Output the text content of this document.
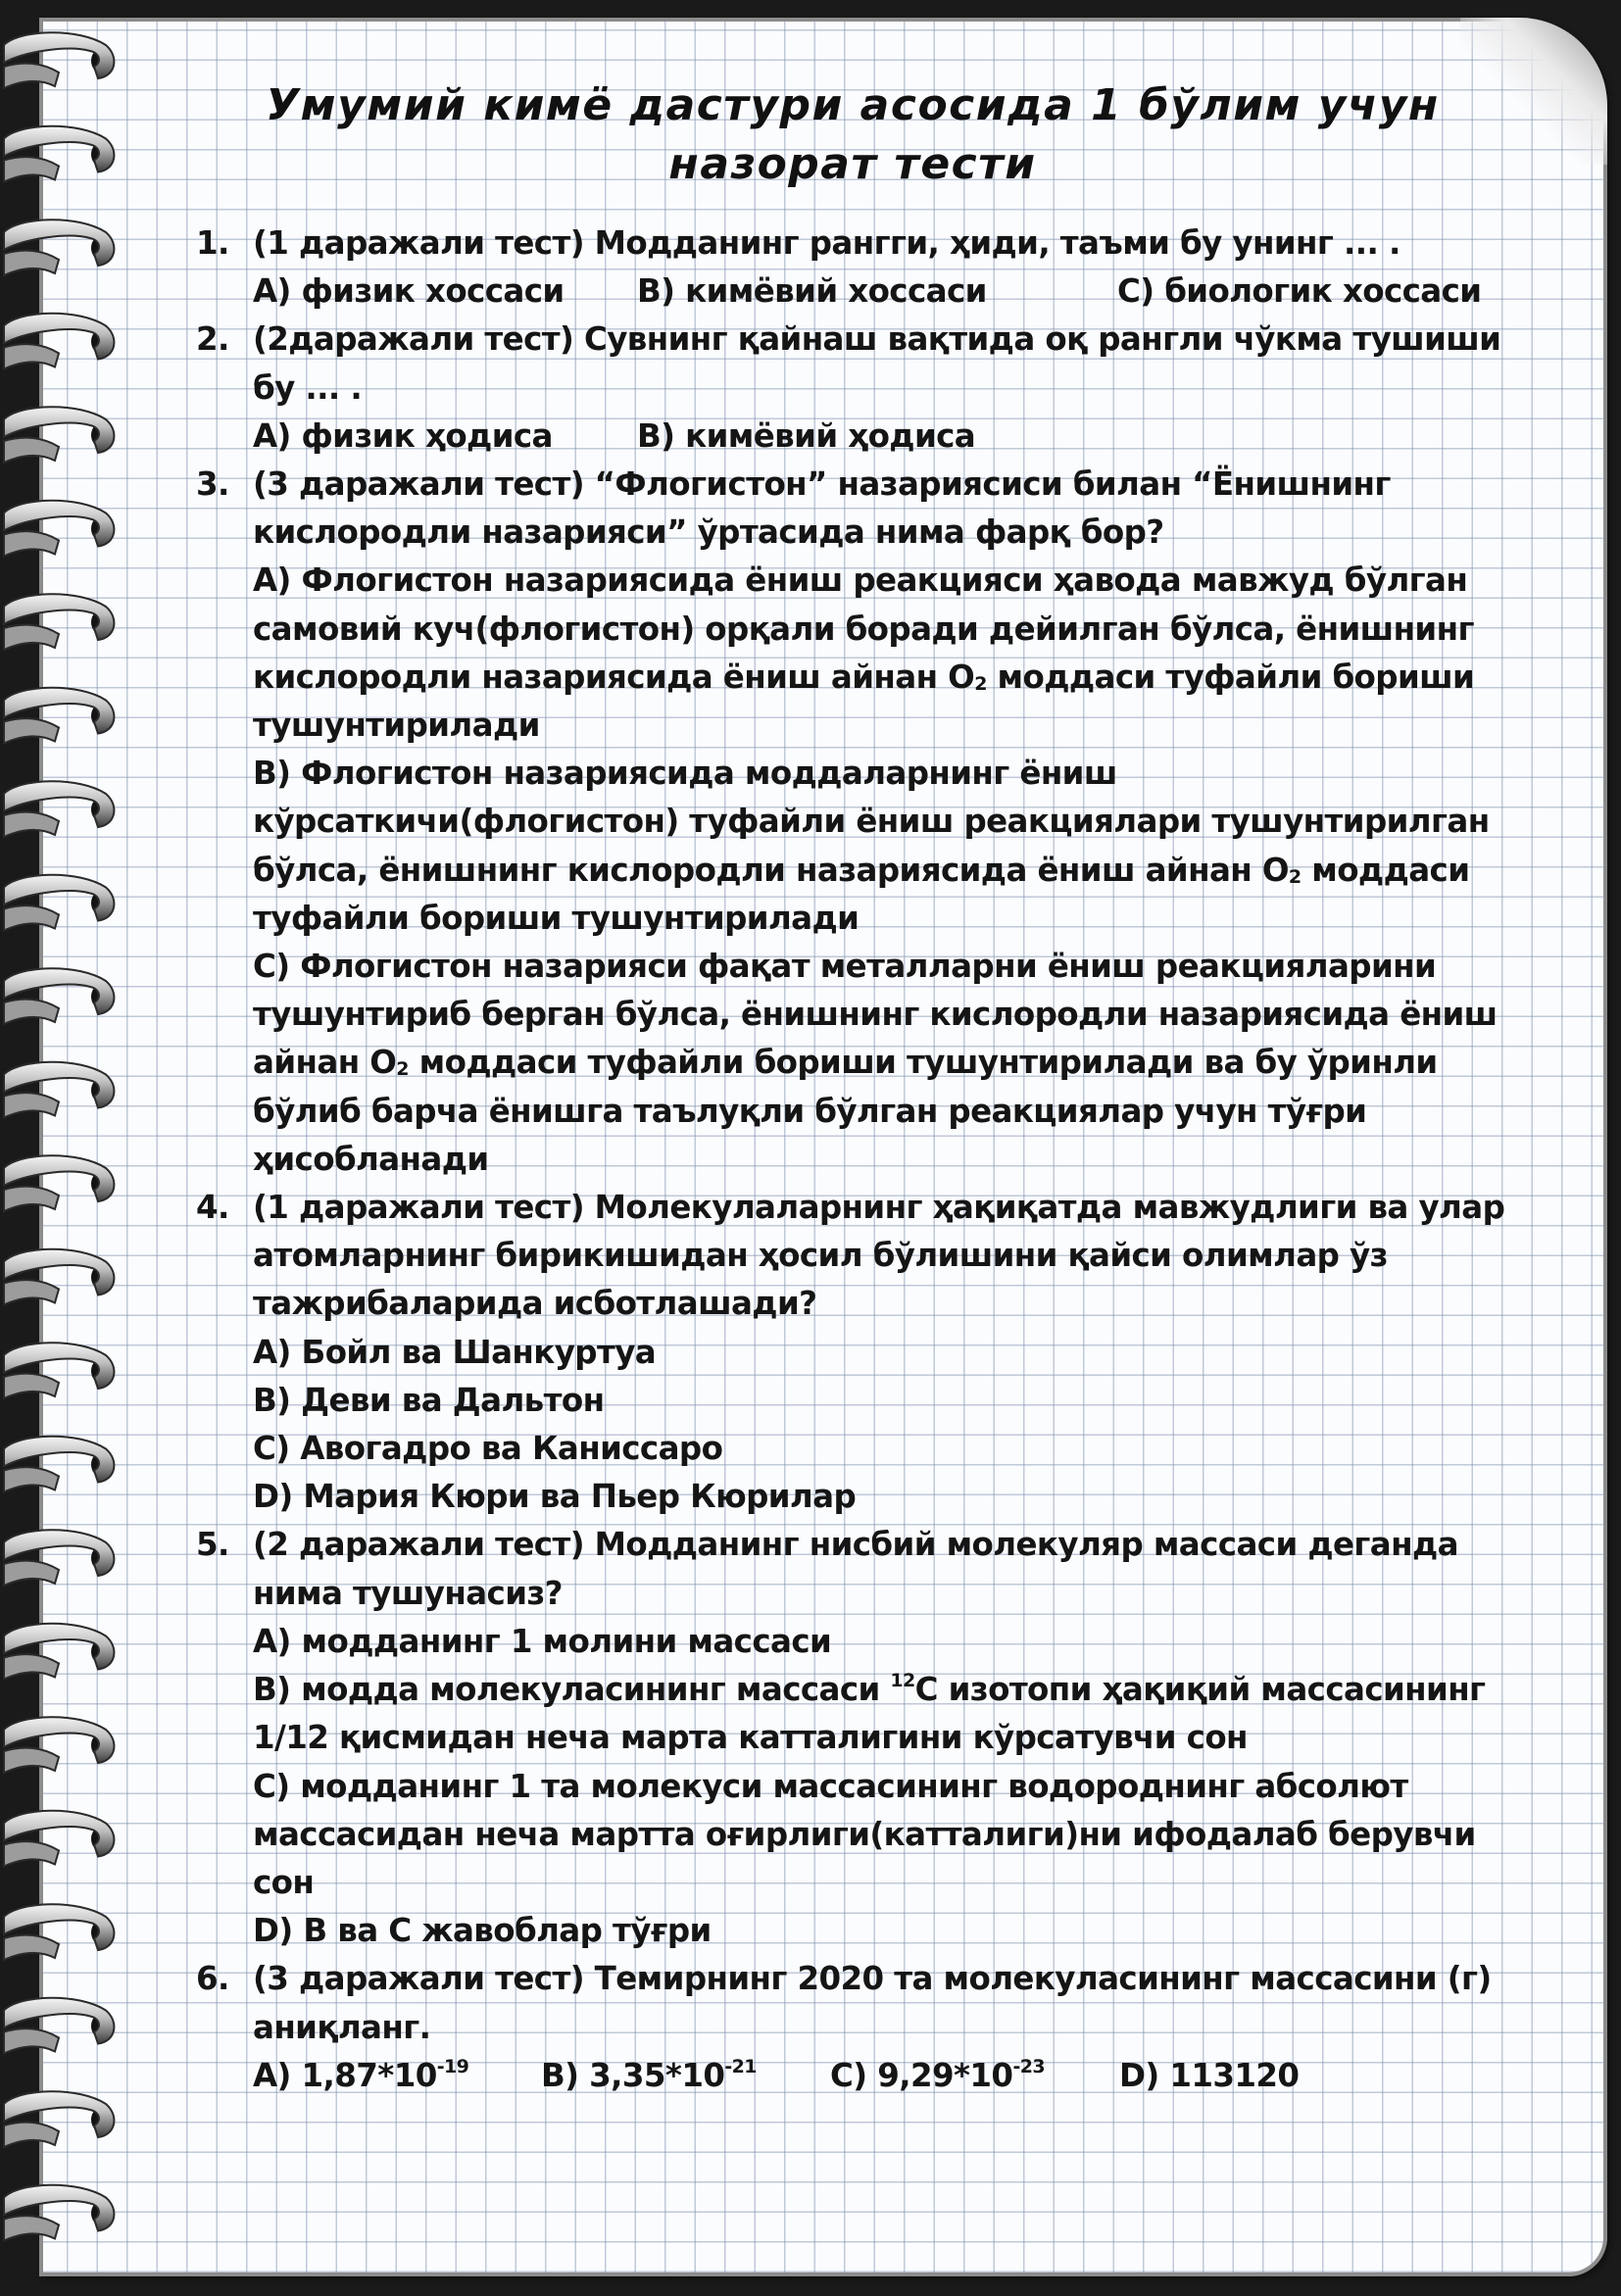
Умумий кимё дастури асосида 1 бўлим учун
назорат тести
1. (1 даражали тест) Модданинг рангги, ҳиди, таъми бу унинг ... .
A) физик хоссаси	B) кимёвий хоссаси	C) биологик хоссаси
2. (2даражали тест) Сувнинг қайнаш вақтида оқ рангли чўкма тушиши
бу ... .
A) физик ҳодиса	B) кимёвий ҳодиса
3. (3 даражали тест) “Флогистон” назариясиси билан “Ёнишнинг
кислородли назарияси” ўртасида нима фарқ бор?
A) Флогистон назариясида ёниш реакцияси ҳавода мавжуд бўлган
самовий куч(флогистон) орқали боради дейилган бўлса, ёнишнинг
кислородли назариясида ёниш айнан $O_2$ моддаси туфайли бориши
тушунтирилади
B) Флогистон назариясида моддаларнинг ёниш
кўрсаткичи(флогистон) туфайли ёниш реакциялари тушунтирилган
бўлса, ёнишнинг кислородли назариясида ёниш айнан $O_2$ моддаси
туфайли бориши тушунтирилади
C) Флогистон назарияси фақат металларни ёниш реакцияларини
тушунтириб берган бўлса, ёнишнинг кислородли назариясида ёниш
айнан $O_2$ моддаси туфайли бориши тушунтирилади ва бу ўринли
бўлиб барча ёнишга таълуқли бўлган реакциялар учун тўғри
ҳисобланади
4. (1 даражали тест) Молекулаларнинг ҳақиқатда мавжудлиги ва улар
атомларнинг бирикишидан ҳосил бўлишини қайси олимлар ўз
тажрибаларида исботлашади?
A) Бойл ва Шанкуртуа
B) Деви ва Дальтон
C) Авогадро ва Каниссаро
D) Мария Кюри ва Пьер Кюрилар
5. (2 даражали тест) Модданинг нисбий молекуляр массаси деганда
нима тушунасиз?
A) модданинг 1 молини массаси
B) модда молекуласининг массаси $^{12}$C изотопи ҳақиқий массасининг
1/12 қисмидан неча марта катталигини кўрсатувчи сон
C) модданинг 1 та молекуси массасининг водороднинг абсолют
массасидан неча мартта оғирлиги(катталиги)ни ифодалаб берувчи
сон
D) B ва C жавоблар тўғри
6. (3 даражали тест) Темирнинг 2020 та молекуласининг массасини (г)
аниқланг.
A) $1,87*10^{-19}$	B) $3,35*10^{-21}$	C) $9,29*10^{-23}$	D) 113120
